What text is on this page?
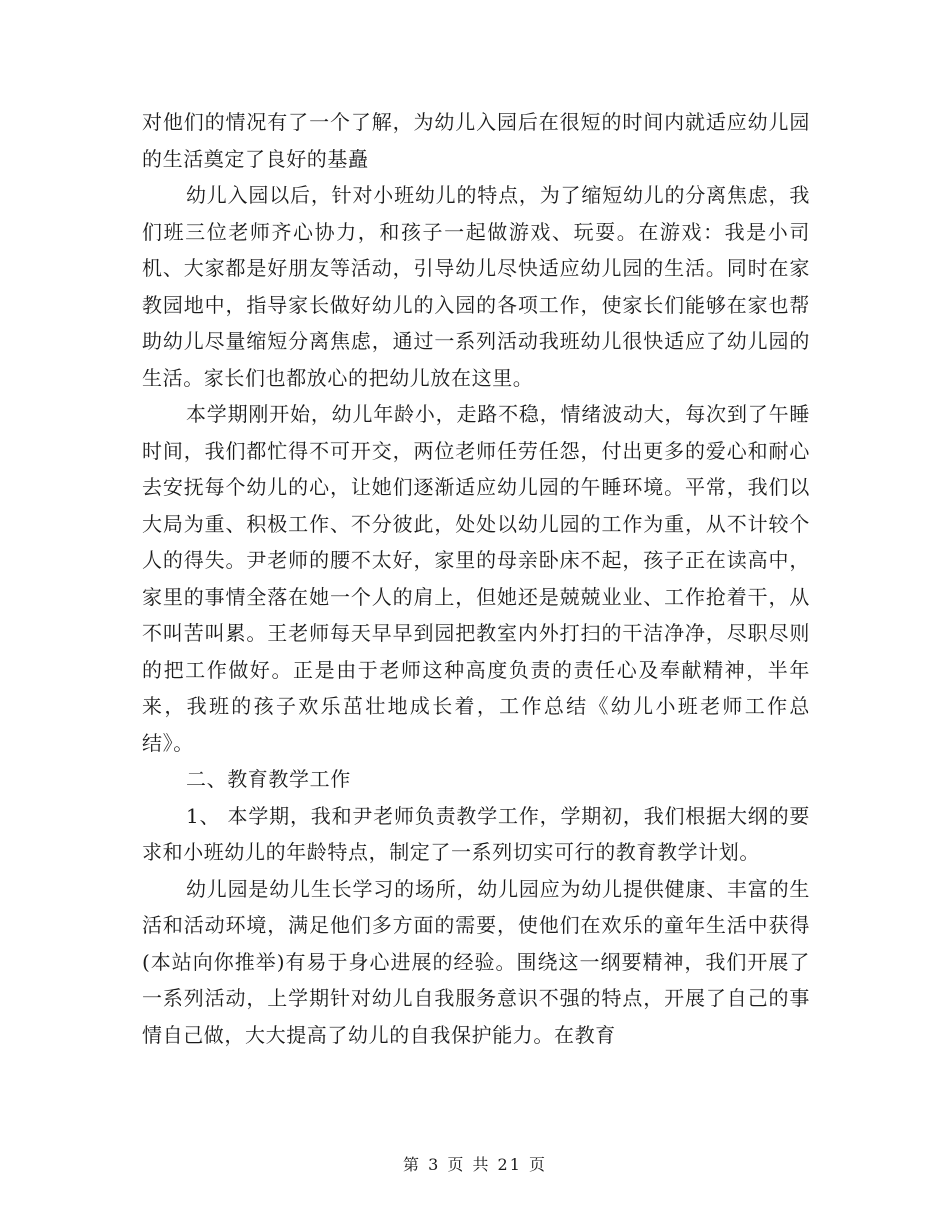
对他们的情况有了一个了解，为幼儿入园后在很短的时间内就适应幼儿园的生活奠定了良好的基矗

幼儿入园以后，针对小班幼儿的特点，为了缩短幼儿的分离焦虑，我们班三位老师齐心协力，和孩子一起做游戏、玩耍。在游戏：我是小司机、大家都是好朋友等活动，引导幼儿尽快适应幼儿园的生活。同时在家教园地中，指导家长做好幼儿的入园的各项工作，使家长们能够在家也帮助幼儿尽量缩短分离焦虑，通过一系列活动我班幼儿很快适应了幼儿园的生活。家长们也都放心的把幼儿放在这里。

本学期刚开始，幼儿年龄小，走路不稳，情绪波动大，每次到了午睡时间，我们都忙得不可开交，两位老师任劳任怨，付出更多的爱心和耐心去安抚每个幼儿的心，让她们逐渐适应幼儿园的午睡环境。平常，我们以大局为重、积极工作、不分彼此，处处以幼儿园的工作为重，从不计较个人的得失。尹老师的腰不太好，家里的母亲卧床不起，孩子正在读高中，家里的事情全落在她一个人的肩上，但她还是兢兢业业、工作抢着干，从不叫苦叫累。王老师每天早早到园把教室内外打扫的干洁净净，尽职尽则的把工作做好。正是由于老师这种高度负责的责任心及奉献精神，半年来，我班的孩子欢乐茁壮地成长着，工作总结《幼儿小班老师工作总结》。

二、教育教学工作

1、 本学期，我和尹老师负责教学工作，学期初，我们根据大纲的要求和小班幼儿的年龄特点，制定了一系列切实可行的教育教学计划。

幼儿园是幼儿生长学习的场所，幼儿园应为幼儿提供健康、丰富的生活和活动环境，满足他们多方面的需要，使他们在欢乐的童年生活中获得(本站向你推举)有易于身心进展的经验。围绕这一纲要精神，我们开展了一系列活动，上学期针对幼儿自我服务意识不强的特点，开展了自己的事情自己做，大大提高了幼儿的自我保护能力。在教育

第 3 页 共 21 页
